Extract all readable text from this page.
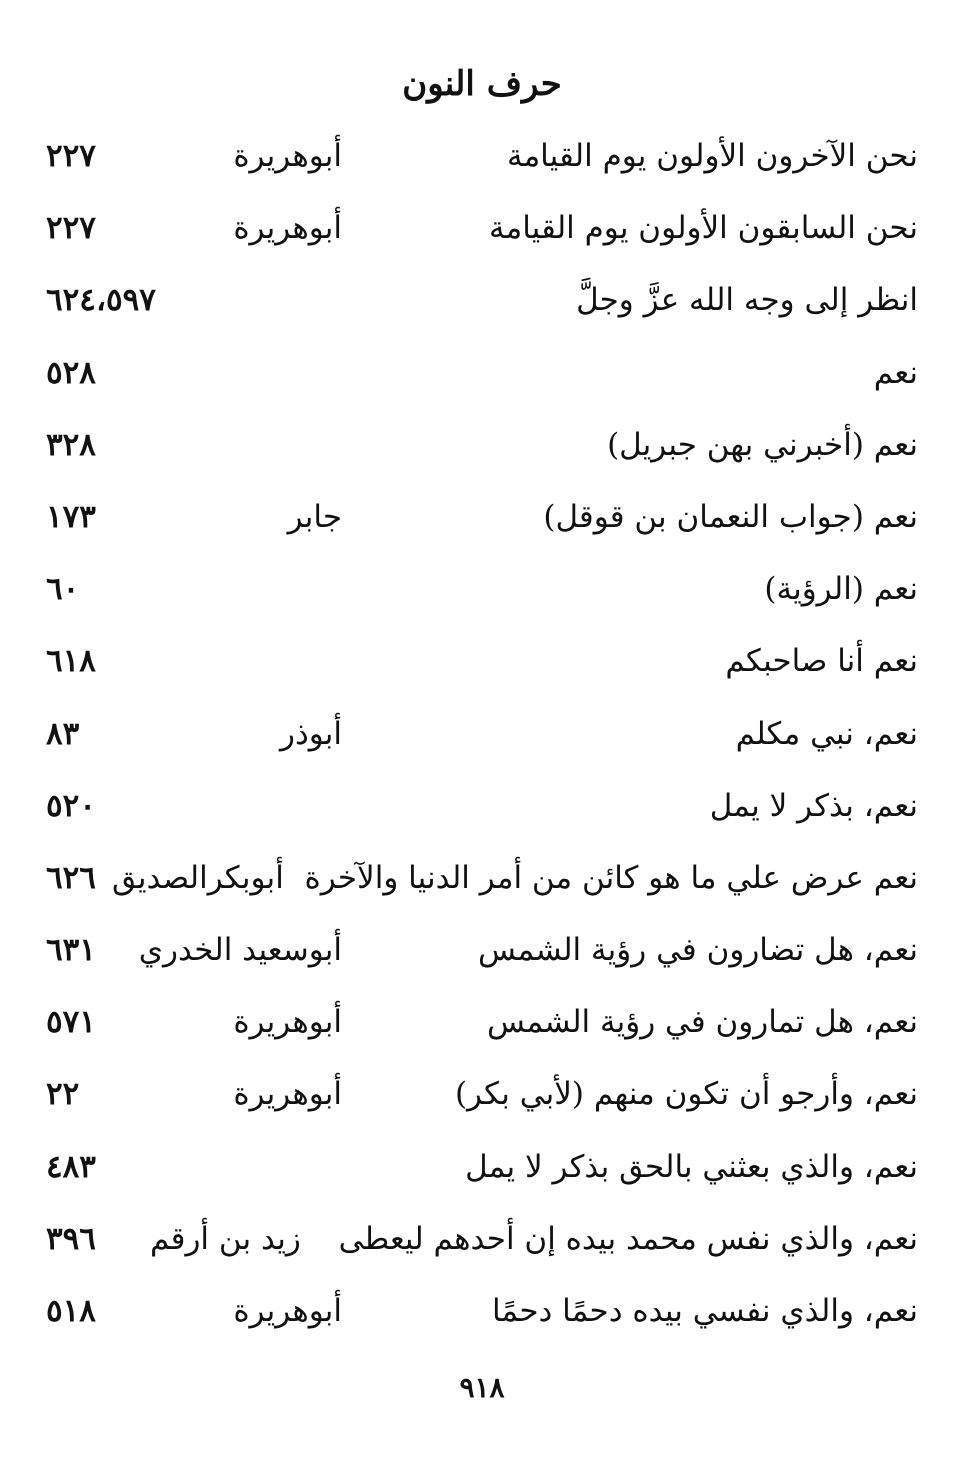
حرف النون
نحن الآخرون الأولون يوم القيامة
أبوهريرة
٢٢٧
نحن السابقون الأولون يوم القيامة
أبوهريرة
٢٢٧
انظر إلى وجه الله عزَّ وجلَّ
٦٢٤،٥٩٧
نعم
٥٢٨
نعم (أخبرني بهن جبريل)
٣٢٨
نعم (جواب النعمان بن قوقل)
جابر
١٧٣
نعم (الرؤية)
٦٠
نعم أنا صاحبكم
٦١٨
نعم، نبي مكلم
أبوذر
٨٣
نعم، بذكر لا يمل
٥٢٠
نعم عرض علي ما هو كائن من أمر الدنيا والآخرة
أبوبكرالصديق
٦٢٦
نعم، هل تضارون في رؤية الشمس
أبوسعيد الخدري
٦٣١
نعم، هل تمارون في رؤية الشمس
أبوهريرة
٥٧١
نعم، وأرجو أن تكون منهم (لأبي بكر)
أبوهريرة
٢٢
نعم، والذي بعثني بالحق بذكر لا يمل
٤٨٣
نعم، والذي نفس محمد بيده إن أحدهم ليعطى
زيد بن أرقم
٣٩٦
نعم، والذي نفسي بيده دحمًا دحمًا
أبوهريرة
٥١٨
٩١٨
